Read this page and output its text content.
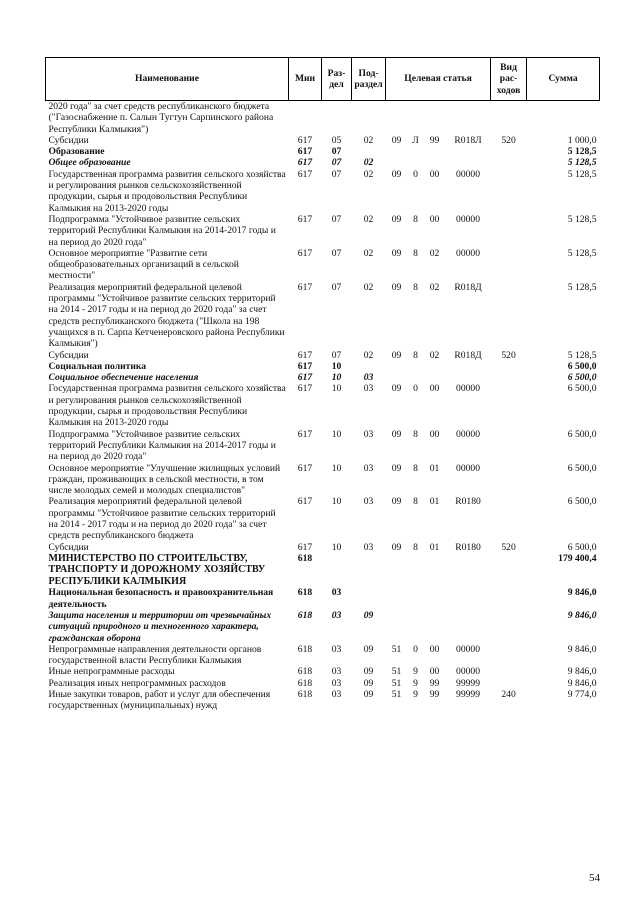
Наименование	Мин	Раз-дел	Под-раздел	Целевая статья				Вид рас-ходов	Сумма
2020 года" за счет средств республиканского бюджета ("Газоснабжение п. Салын Тугтун Сарпинского района Республики Калмыкия")									
Субсидии	617	05	02	09	Л	99	R018Л	520	1 000,0
Образование	617	07							5 128,5
Общее образование	617	07	02						5 128,5
Государственная программа развития сельского хозяйства и регулирования рынков сельскохозяйственной продукции, сырья и продовольствия Республики Калмыкия на 2013-2020 годы	617	07	02	09	0	00	00000		5 128,5
Подпрограмма "Устойчивое развитие сельских территорий Республики Калмыкия на 2014-2017 годы и на период до 2020 года"	617	07	02	09	8	00	00000		5 128,5
Основное мероприятие "Развитие сети общеобразовательных организаций в сельской местности"	617	07	02	09	8	02	00000		5 128,5
Реализация мероприятий федеральной целевой программы "Устойчивое развитие сельских территорий на 2014 - 2017 годы и на период до 2020 года" за счет средств республиканского бюджета ("Школа на 198 учащихся в п. Сарпа Кетченеровского района Республики Калмыкия")	617	07	02	09	8	02	R018Д		5 128,5
Субсидии	617	07	02	09	8	02	R018Д	520	5 128,5
Социальная политика	617	10							6 500,0
Социальное обеспечение населения	617	10	03						6 500,0
Государственная программа развития сельского хозяйства и регулирования рынков сельскохозяйственной продукции, сырья и продовольствия Республики Калмыкия на 2013-2020 годы	617	10	03	09	0	00	00000		6 500,0
Подпрограмма "Устойчивое развитие сельских территорий Республики Калмыкия на 2014-2017 годы и на период до 2020 года"	617	10	03	09	8	00	00000		6 500,0
Основное мероприятие "Улучшение жилищных условий граждан, проживающих в сельской местности, в том числе молодых семей и молодых специалистов"	617	10	03	09	8	01	00000		6 500,0
Реализация мероприятий федеральной целевой программы "Устойчивое развитие сельских территорий на 2014 - 2017 годы и на период до 2020 года" за счет средств республиканского бюджета	617	10	03	09	8	01	R0180		6 500,0
Субсидии	617	10	03	09	8	01	R0180	520	6 500,0
МИНИСТЕРСТВО ПО СТРОИТЕЛЬСТВУ, ТРАНСПОРТУ И ДОРОЖНОМУ ХОЗЯЙСТВУ РЕСПУБЛИКИ КАЛМЫКИЯ	618								179 400,4
Национальная безопасность и правоохранительная деятельность	618	03							9 846,0
Защита населения и территории от чрезвычайных ситуаций природного и техногенного характера, гражданская оборона	618	03	09						9 846,0
Непрограммные направления деятельности органов государственной власти Республики Калмыкия	618	03	09	51	0	00	00000		9 846,0
Иные непрограммные расходы	618	03	09	51	9	00	00000		9 846,0
Реализация иных непрограммных расходов	618	03	09	51	9	99	99999		9 846,0
Иные закупки товаров, работ и услуг для обеспечения государственных (муниципальных) нужд	618	03	09	51	9	99	99999	240	9 774,0
54
